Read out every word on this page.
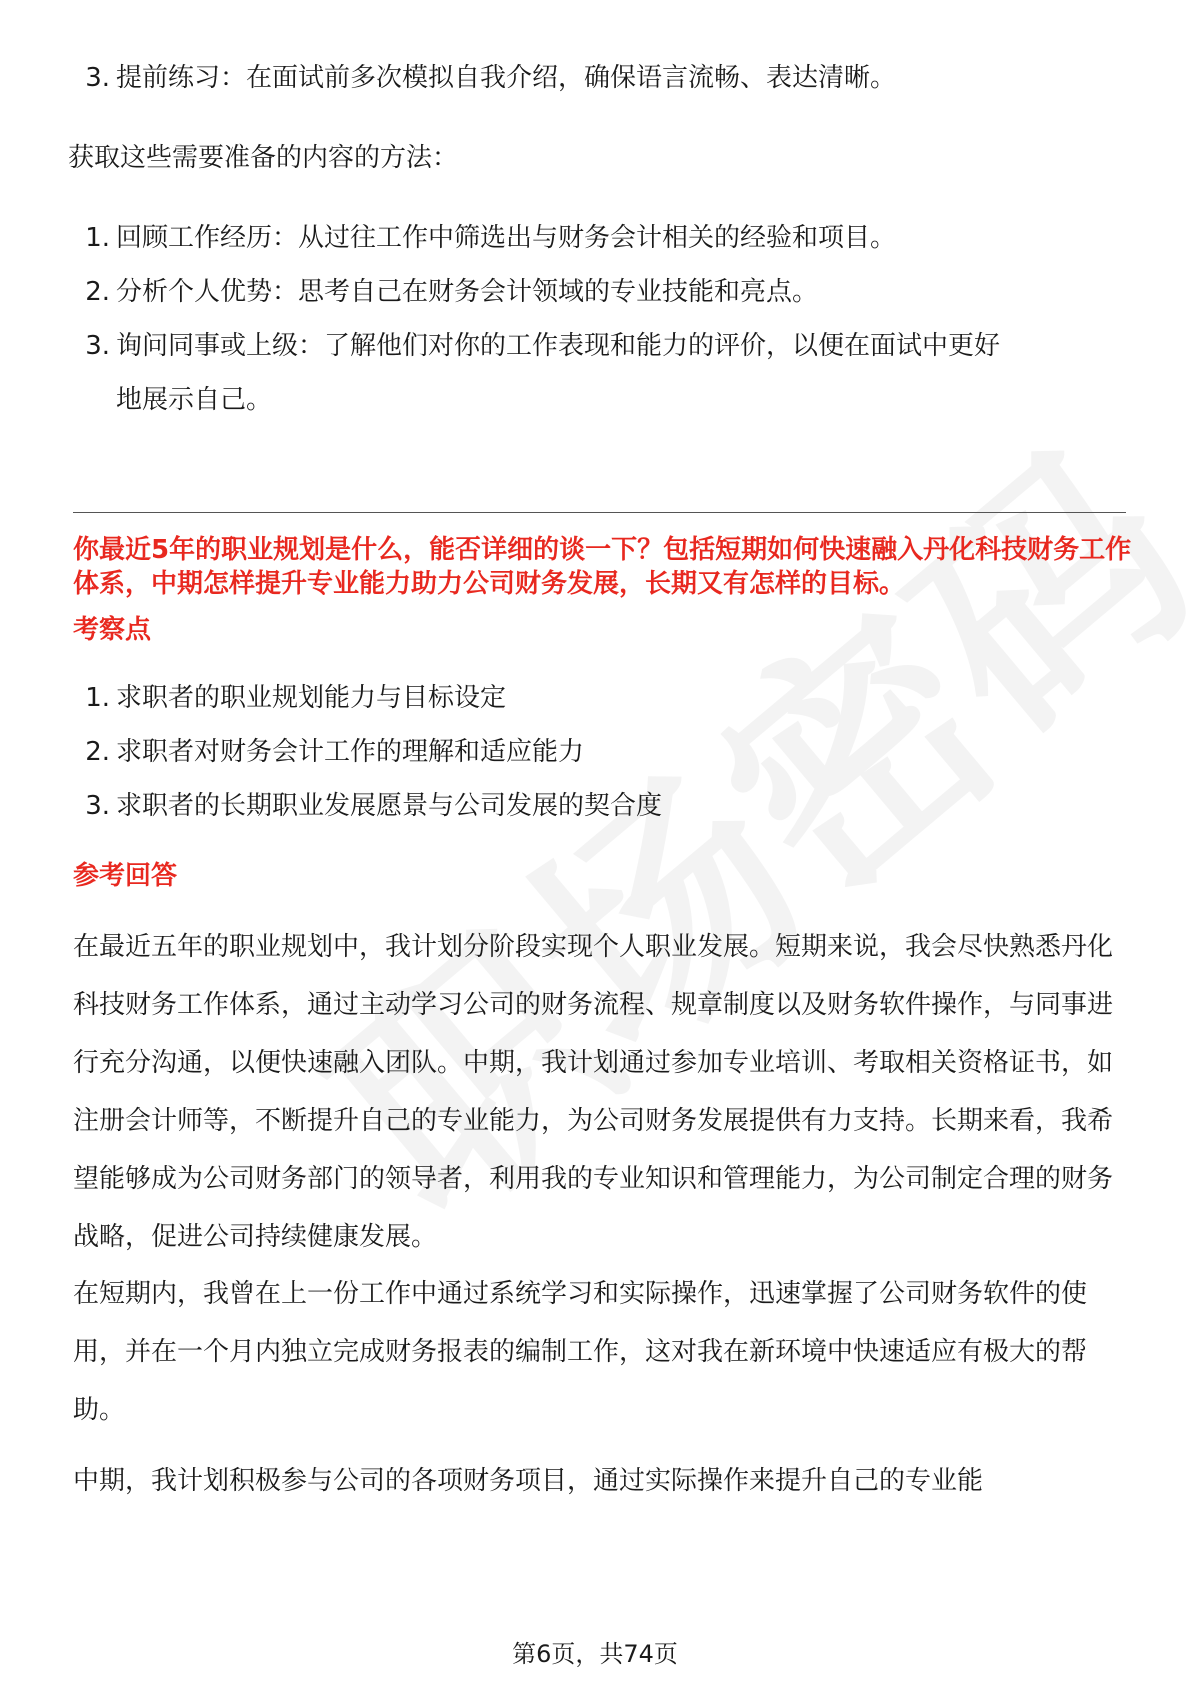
3. 提前练习：在面试前多次模拟自我介绍，确保语言流畅、表达清晰。

获取这些需要准备的内容的方法：

1. 回顾工作经历：从过往工作中筛选出与财务会计相关的经验和项目。
2. 分析个人优势：思考自己在财务会计领域的专业技能和亮点。
3. 询问同事或上级：了解他们对你的工作表现和能力的评价，以便在面试中更好
地展示自己。

你最近5年的职业规划是什么，能否详细的谈一下？包括短期如何快速融入丹化科技财务工作体系，中期怎样提升专业能力助力公司财务发展，长期又有怎样的目标。

考察点

1. 求职者的职业规划能力与目标设定
2. 求职者对财务会计工作的理解和适应能力
3. 求职者的长期职业发展愿景与公司发展的契合度

参考回答

在最近五年的职业规划中，我计划分阶段实现个人职业发展。短期来说，我会尽快熟悉丹化科技财务工作体系，通过主动学习公司的财务流程、规章制度以及财务软件操作，与同事进行充分沟通，以便快速融入团队。中期，我计划通过参加专业培训、考取相关资格证书，如注册会计师等，不断提升自己的专业能力，为公司财务发展提供有力支持。长期来看，我希望能够成为公司财务部门的领导者，利用我的专业知识和管理能力，为公司制定合理的财务战略，促进公司持续健康发展。

在短期内，我曾在上一份工作中通过系统学习和实际操作，迅速掌握了公司财务软件的使用，并在一个月内独立完成财务报表的编制工作，这对我在新环境中快速适应有极大的帮助。

中期，我计划积极参与公司的各项财务项目，通过实际操作来提升自己的专业能

第6页，共74页
